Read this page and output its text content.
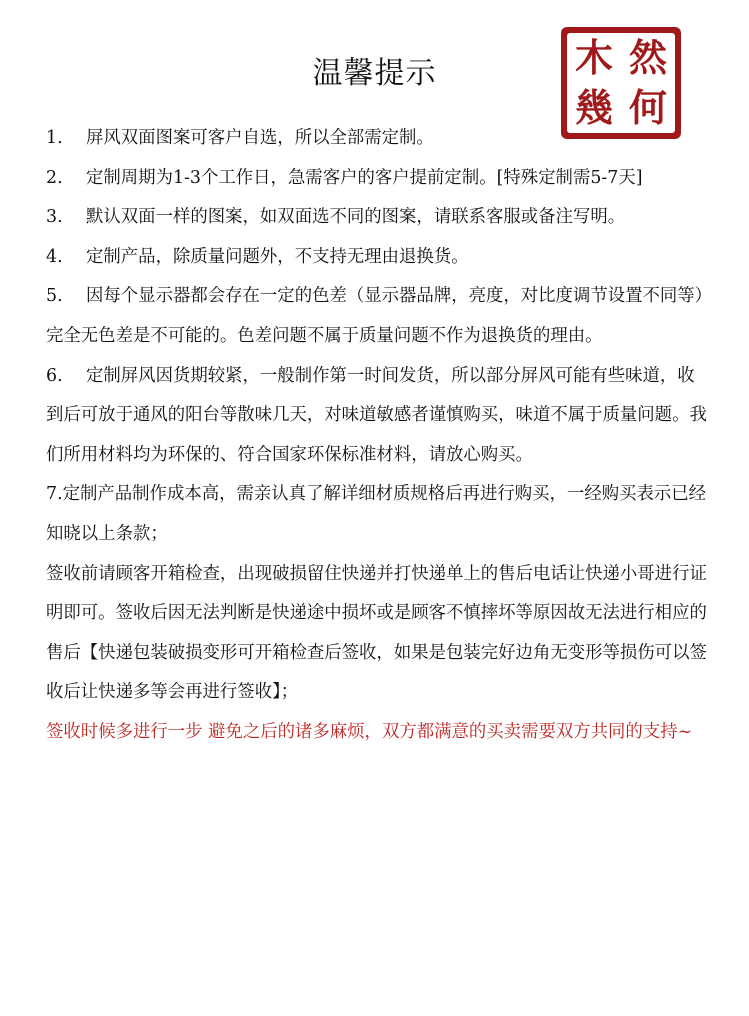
温馨提示	木 然
幾 何

1. 屏风双面图案可客户自选，所以全部需定制。

2. 定制周期为1-3个工作日，急需客户的客户提前定制。[特殊定制需5-7天]

3. 默认双面一样的图案，如双面选不同的图案，请联系客服或备注写明。

4. 定制产品，除质量问题外，不支持无理由退换货。

5. 因每个显示器都会存在一定的色差（显示器品牌，亮度，对比度调节设置不同等）完全无色差是不可能的。色差问题不属于质量问题不作为退换货的理由。

6. 定制屏风因货期较紧，一般制作第一时间发货，所以部分屏风可能有些味道，收到后可放于通风的阳台等散味几天，对味道敏感者谨慎购买，味道不属于质量问题。我们所用材料均为环保的、符合国家环保标准材料，请放心购买。

7.定制产品制作成本高，需亲认真了解详细材质规格后再进行购买，一经购买表示已经知晓以上条款；

签收前请顾客开箱检查，出现破损留住快递并打快递单上的售后电话让快递小哥进行证明即可。签收后因无法判断是快递途中损坏或是顾客不慎摔坏等原因故无法进行相应的售后【快递包装破损变形可开箱检查后签收，如果是包装完好边角无变形等损伤可以签收后让快递多等会再进行签收】；

签收时候多进行一步 避免之后的诸多麻烦，双方都满意的买卖需要双方共同的支持~
